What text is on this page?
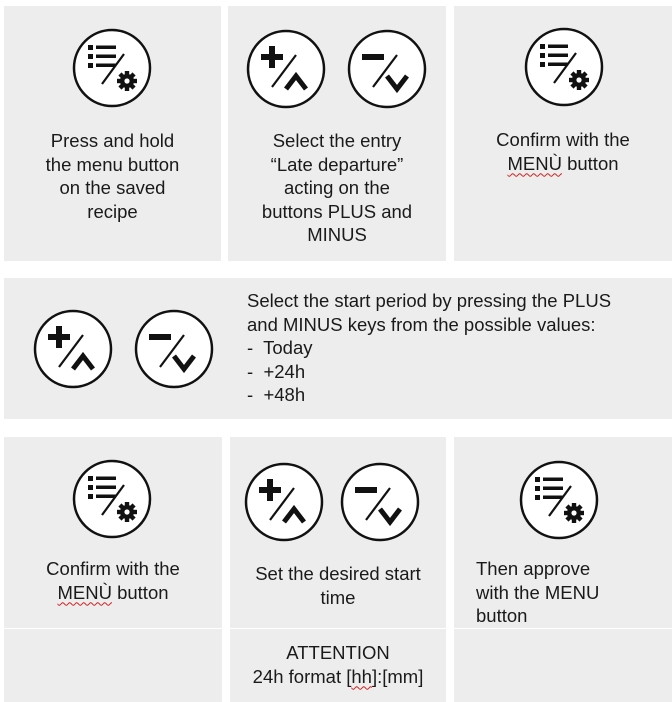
Press and hold
the menu button
on the saved
recipe
Select the entry
“Late departure”
acting on the
buttons PLUS and
MINUS
Confirm with the
MENÙ button
Select the start period by pressing the PLUS
and MINUS keys from the possible values:
- Today
- +24h
- +48h
Confirm with the
MENÙ button
Set the desired start
time
Then approve
with the MENU
button
ATTENTION
24h format [hh]:[mm]
